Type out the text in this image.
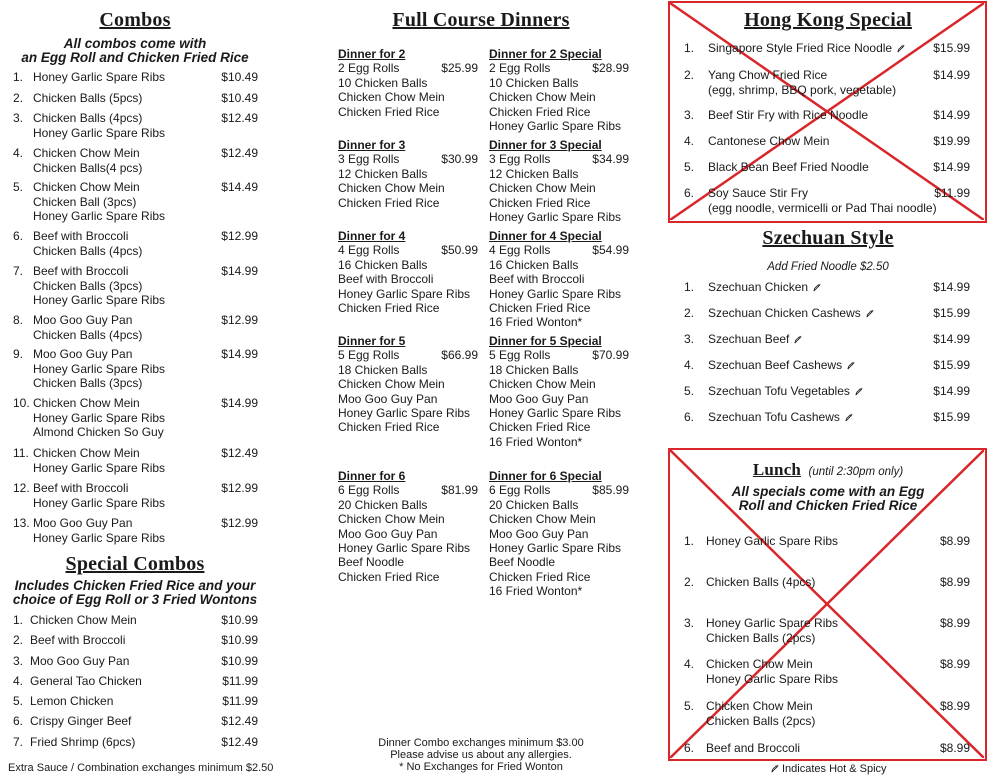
Combos
All combos come with
an Egg Roll and Chicken Fried Rice
1. Honey Garlic Spare Ribs	$10.49
2. Chicken Balls (5pcs)	$10.49
3. Chicken Balls (4pcs)
Honey Garlic Spare Ribs
$12.49
4. Chicken Chow Mein
Chicken Balls(4 pcs)
$12.49
5. Chicken Chow Mein
Chicken Ball (3pcs)
Honey Garlic Spare Ribs
$14.49
6. Beef with Broccoli
Chicken Balls (4pcs)
$12.99
7. Beef with Broccoli
Chicken Balls (3pcs)
Honey Garlic Spare Ribs
$14.99
8. Moo Goo Guy Pan
Chicken Balls (4pcs)
$12.99
9. Moo Goo Guy Pan
Honey Garlic Spare Ribs
Chicken Balls (3pcs)
$14.99
10. Chicken Chow Mein
Honey Garlic Spare Ribs
Almond Chicken So Guy
$14.99
11. Chicken Chow Mein
Honey Garlic Spare Ribs
$12.49
12. Beef with Broccoli
Honey Garlic Spare Ribs
$12.99
13. Moo Goo Guy Pan
Honey Garlic Spare Ribs
$12.99
Special Combos
Includes Chicken Fried Rice and your
choice of Egg Roll or 3 Fried Wontons
1. Chicken Chow Mein	$10.99
2. Beef with Broccoli	$10.99
3. Moo Goo Guy Pan	$10.99
4. General Tao Chicken	$11.99
5. Lemon Chicken	$11.99
6. Crispy Ginger Beef	$12.49
7. Fried Shrimp (6pcs)	$12.49
Extra Sauce / Combination exchanges minimum $2.50
Full Course Dinners
Dinner for 2
2 Egg Rolls	$25.99
10 Chicken Balls
Chicken Chow Mein
Chicken Fried Rice
Dinner for 2 Special
2 Egg Rolls	$28.99
10 Chicken Balls
Chicken Chow Mein
Chicken Fried Rice
Honey Garlic Spare Ribs
Dinner for 3
3 Egg Rolls	$30.99
12 Chicken Balls
Chicken Chow Mein
Chicken Fried Rice
Dinner for 3 Special
3 Egg Rolls	$34.99
12 Chicken Balls
Chicken Chow Mein
Chicken Fried Rice
Honey Garlic Spare Ribs
Dinner for 4
4 Egg Rolls	$50.99
16 Chicken Balls
Beef with Broccoli
Honey Garlic Spare Ribs
Chicken Fried Rice
Dinner for 4 Special
4 Egg Rolls	$54.99
16 Chicken Balls
Beef with Broccoli
Honey Garlic Spare Ribs
Chicken Fried Rice
16 Fried Wonton*
Dinner for 5
5 Egg Rolls	$66.99
18 Chicken Balls
Chicken Chow Mein
Moo Goo Guy Pan
Honey Garlic Spare Ribs
Chicken Fried Rice
Dinner for 5 Special
5 Egg Rolls	$70.99
18 Chicken Balls
Chicken Chow Mein
Moo Goo Guy Pan
Honey Garlic Spare Ribs
Chicken Fried Rice
16 Fried Wonton*
Dinner for 6
6 Egg Rolls	$81.99
20 Chicken Balls
Chicken Chow Mein
Moo Goo Guy Pan
Honey Garlic Spare Ribs
Beef Noodle
Chicken Fried Rice
Dinner for 6 Special
6 Egg Rolls	$85.99
20 Chicken Balls
Chicken Chow Mein
Moo Goo Guy Pan
Honey Garlic Spare Ribs
Beef Noodle
Chicken Fried Rice
16 Fried Wonton*
Dinner Combo exchanges minimum $3.00
Please advise us about any allergies.
* No Exchanges for Fried Wonton
Hong Kong Special
1. Singapore Style Fried Rice Noodle	$15.99
2. Yang Chow Fried Rice
(egg, shrimp, BBQ pork, vegetable)
$14.99
3. Beef Stir Fry with Rice Noodle	$14.99
4. Cantonese Chow Mein	$19.99
5. Black Bean Beef Fried Noodle	$14.99
6. Soy Sauce Stir Fry
(egg noodle, vermicelli or Pad Thai noodle)
$11.99
Szechuan Style
Add Fried Noodle $2.50
1. Szechuan Chicken	$14.99
2. Szechuan Chicken Cashews	$15.99
3. Szechuan Beef	$14.99
4. Szechuan Beef Cashews	$15.99
5. Szechuan Tofu Vegetables	$14.99
6. Szechuan Tofu Cashews	$15.99
Lunch (until 2:30pm only)
All specials come with an Egg
Roll and Chicken Fried Rice
1. Honey Garlic Spare Ribs	$8.99
2. Chicken Balls (4pcs)	$8.99
3. Honey Garlic Spare Ribs
Chicken Balls (2pcs)
$8.99
4. Chicken Chow Mein
Honey Garlic Spare Ribs
$8.99
5. Chicken Chow Mein
Chicken Balls (2pcs)
$8.99
6. Beef and Broccoli	$8.99
Indicates Hot & Spicy
